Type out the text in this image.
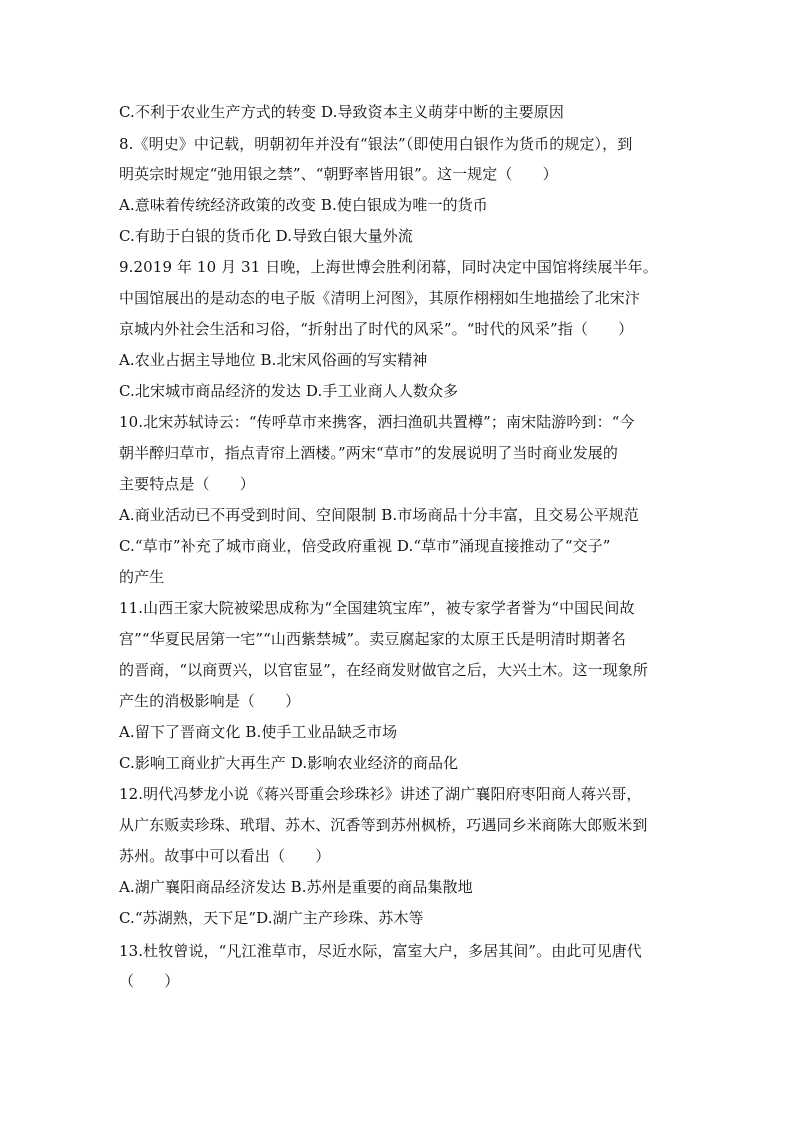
C.不利于农业生产方式的转变 D.导致资本主义萌芽中断的主要原因
8.《明史》中记载，明朝初年并没有“银法”（即使用白银作为货币的规定），到
明英宗时规定“弛用银之禁”、“朝野率皆用银”。这一规定（　　）
A.意味着传统经济政策的改变 B.使白银成为唯一的货币
C.有助于白银的货币化 D.导致白银大量外流
9.2019 年 10 月 31 日晚，上海世博会胜利闭幕，同时决定中国馆将续展半年。
中国馆展出的是动态的电子版《清明上河图》，其原作栩栩如生地描绘了北宋汴
京城内外社会生活和习俗，“折射出了时代的风采”。“时代的风采”指（　　）
A.农业占据主导地位 B.北宋风俗画的写实精神
C.北宋城市商品经济的发达 D.手工业商人人数众多
10.北宋苏轼诗云：“传呼草市来携客，洒扫渔矶共置樽”；南宋陆游吟到：“今
朝半醉归草市，指点青帘上酒楼。”两宋“草市”的发展说明了当时商业发展的
主要特点是（　　）
A.商业活动已不再受到时间、空间限制 B.市场商品十分丰富，且交易公平规范
C.“草市”补充了城市商业，倍受政府重视 D.“草市”涌现直接推动了“交子”
的产生
11.山西王家大院被梁思成称为“全国建筑宝库”，被专家学者誉为“中国民间故
宫”“华夏民居第一宅”“山西紫禁城”。卖豆腐起家的太原王氏是明清时期著名
的晋商，“以商贾兴，以官宦显”，在经商发财做官之后，大兴土木。这一现象所
产生的消极影响是（　　）
A.留下了晋商文化 B.使手工业品缺乏市场
C.影响工商业扩大再生产 D.影响农业经济的商品化
12.明代冯梦龙小说《蒋兴哥重会珍珠衫》讲述了湖广襄阳府枣阳商人蒋兴哥，
从广东贩卖珍珠、玳瑁、苏木、沉香等到苏州枫桥，巧遇同乡米商陈大郎贩米到
苏州。故事中可以看出（　　）
A.湖广襄阳商品经济发达 B.苏州是重要的商品集散地
C.“苏湖熟，天下足”D.湖广主产珍珠、苏木等
13.杜牧曾说，“凡江淮草市，尽近水际，富室大户，多居其间”。由此可见唐代
（　　）
